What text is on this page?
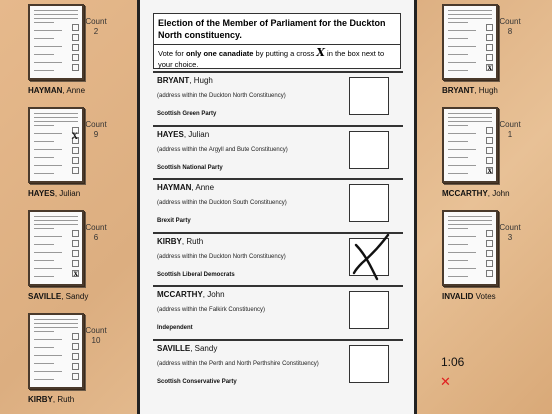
Count
2
HAYMAN, Anne
X
Count
9
HAYES, Julian
x
Count
6
SAVILLE, Sandy
Count
10
KIRBY, Ruth
x
Count
8
BRYANT, Hugh
x
Count
1
MCCARTHY, John
Count
3
INVALID Votes
Election of the Member of Parliament for the Duckton North constituency.
Vote for only one canadiate by putting a cross X in the box next to your choice.
BRYANT, Hugh
(address within the Duckton North Constituency)
Scottish Green Party
HAYES, Julian
(address within the Argyll and Bute Constituency)
Scottish National Party
HAYMAN, Anne
(address within the Duckton South Constituency)
Brexit Party
KIRBY, Ruth
(address within the Duckton North Constituency)
Scottish Liberal Democrats
MCCARTHY, John
(address within the Falkirk Constituency)
Independent
SAVILLE, Sandy
(address within the Perth and North Perthshire Constituency)
Scottish Conservative Party
1:06
✕
